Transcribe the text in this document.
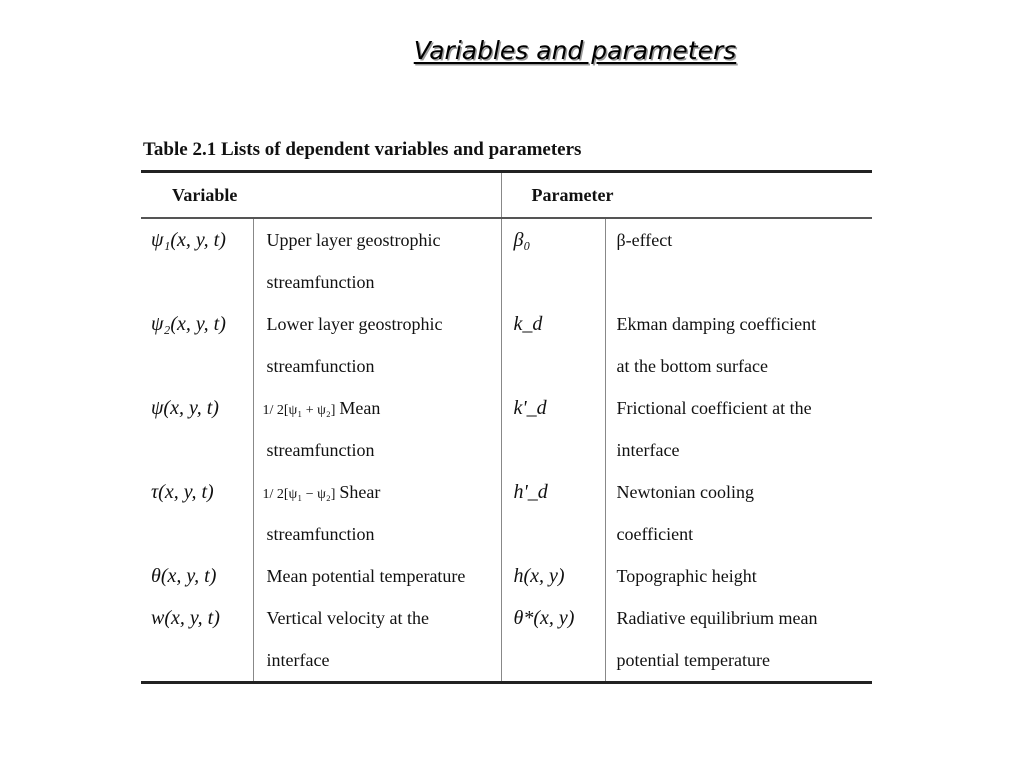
Variables and parameters
Table 2.1 Lists of dependent variables and parameters
Variable		Parameter	
ψ₁(x, y, t)	Upper layer geostrophic	β₀	β-effect
	streamfunction		
ψ₂(x, y, t)	Lower layer geostrophic	k_d	Ekman damping coefficient
	streamfunction		at the bottom surface
ψ(x, y, t)	1/ 2[ψ₁ + ψ₂] Mean	k'_d	Frictional coefficient at the
	streamfunction		interface
τ(x, y, t)	1/ 2[ψ₁ − ψ₂] Shear	h'_d	Newtonian cooling
	streamfunction		coefficient
θ(x, y, t)	Mean potential temperature	h(x, y)	Topographic height
w(x, y, t)	Vertical velocity at the	θ*(x, y)	Radiative equilibrium mean
	interface		potential temperature
